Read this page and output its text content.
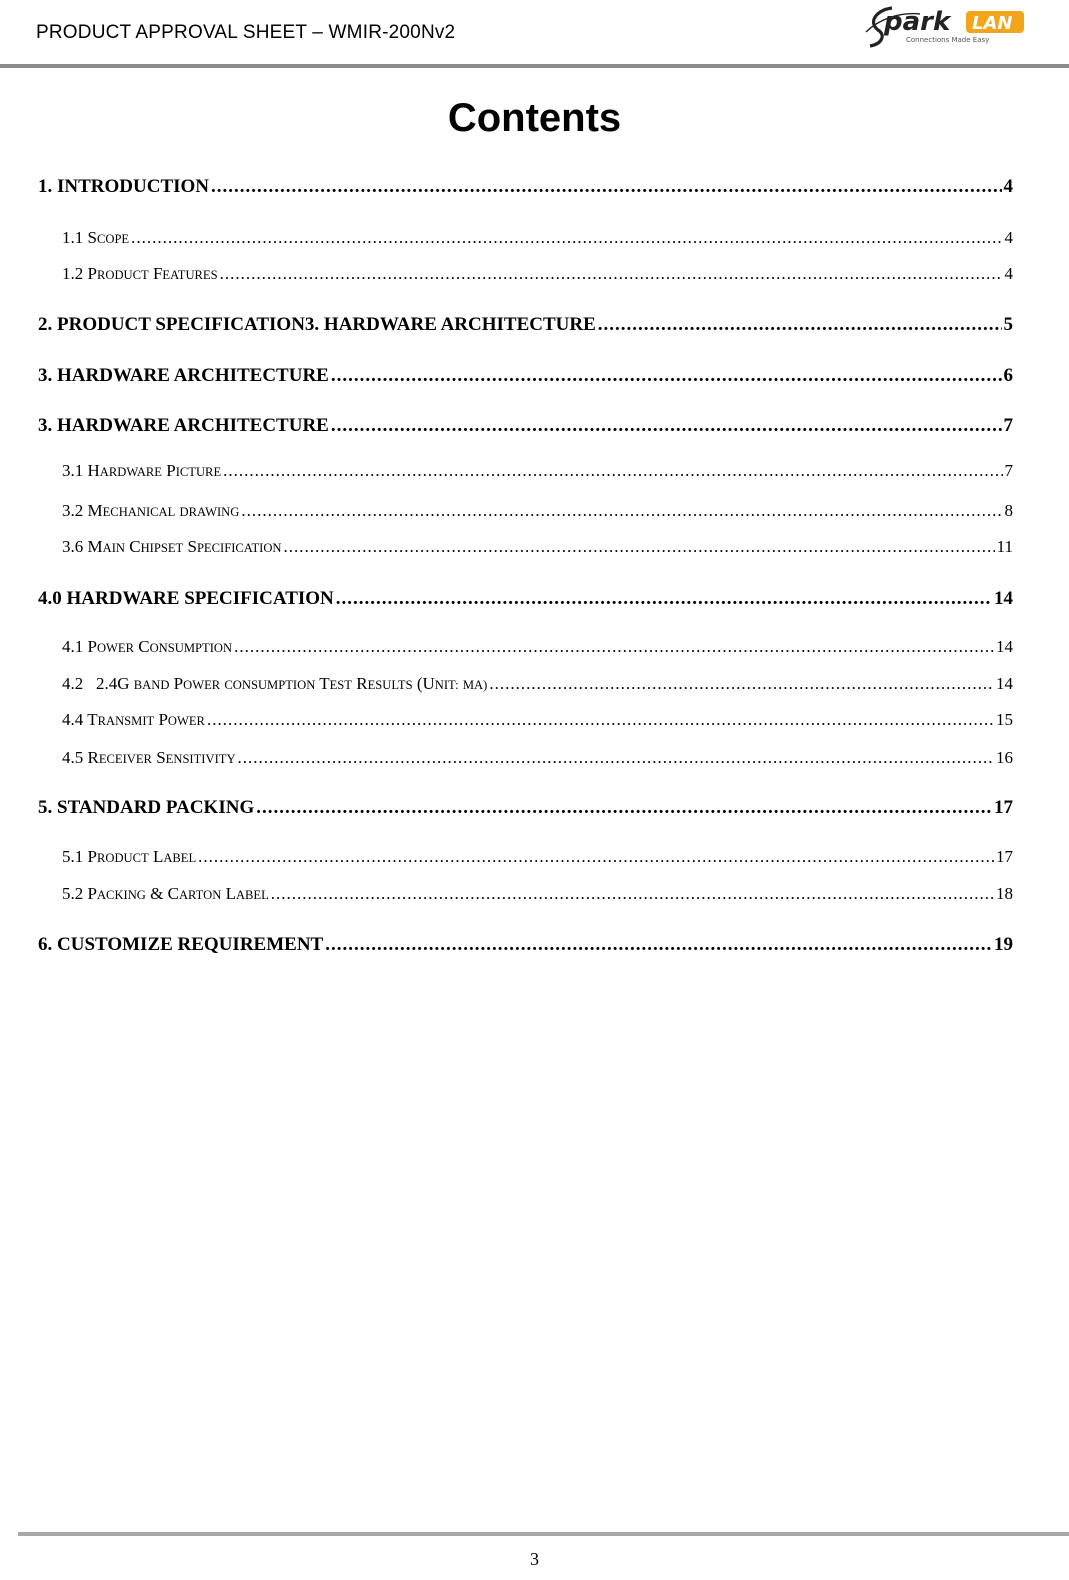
PRODUCT APPROVAL SHEET – WMIR-200Nv2	park LAN
Connections Made Easy
Contents
1. INTRODUCTION .....	4
1.1 SCOPE .....	4
1.2 PRODUCT FEATURES .....	4
2. PRODUCT SPECIFICATION3. HARDWARE ARCHITECTURE .....	5
3. HARDWARE ARCHITECTURE .....	6
3. HARDWARE ARCHITECTURE .....	7
3.1 HARDWARE PICTURE .....	7
3.2 MECHANICAL DRAWING .....	8
3.6 MAIN CHIPSET SPECIFICATION .....	11
4.0 HARDWARE SPECIFICATION .....	14
4.1 POWER CONSUMPTION .....	14
4.2 2.4G BAND POWER CONSUMPTION TEST RESULTS (UNIT: MA) .....	14
4.4 TRANSMIT POWER .....	15
4.5 RECEIVER SENSITIVITY .....	16
5. STANDARD PACKING .....	17
5.1 PRODUCT LABEL .....	17
5.2 PACKING & CARTON LABEL .....	18
6. CUSTOMIZE REQUIREMENT .....	19
3
